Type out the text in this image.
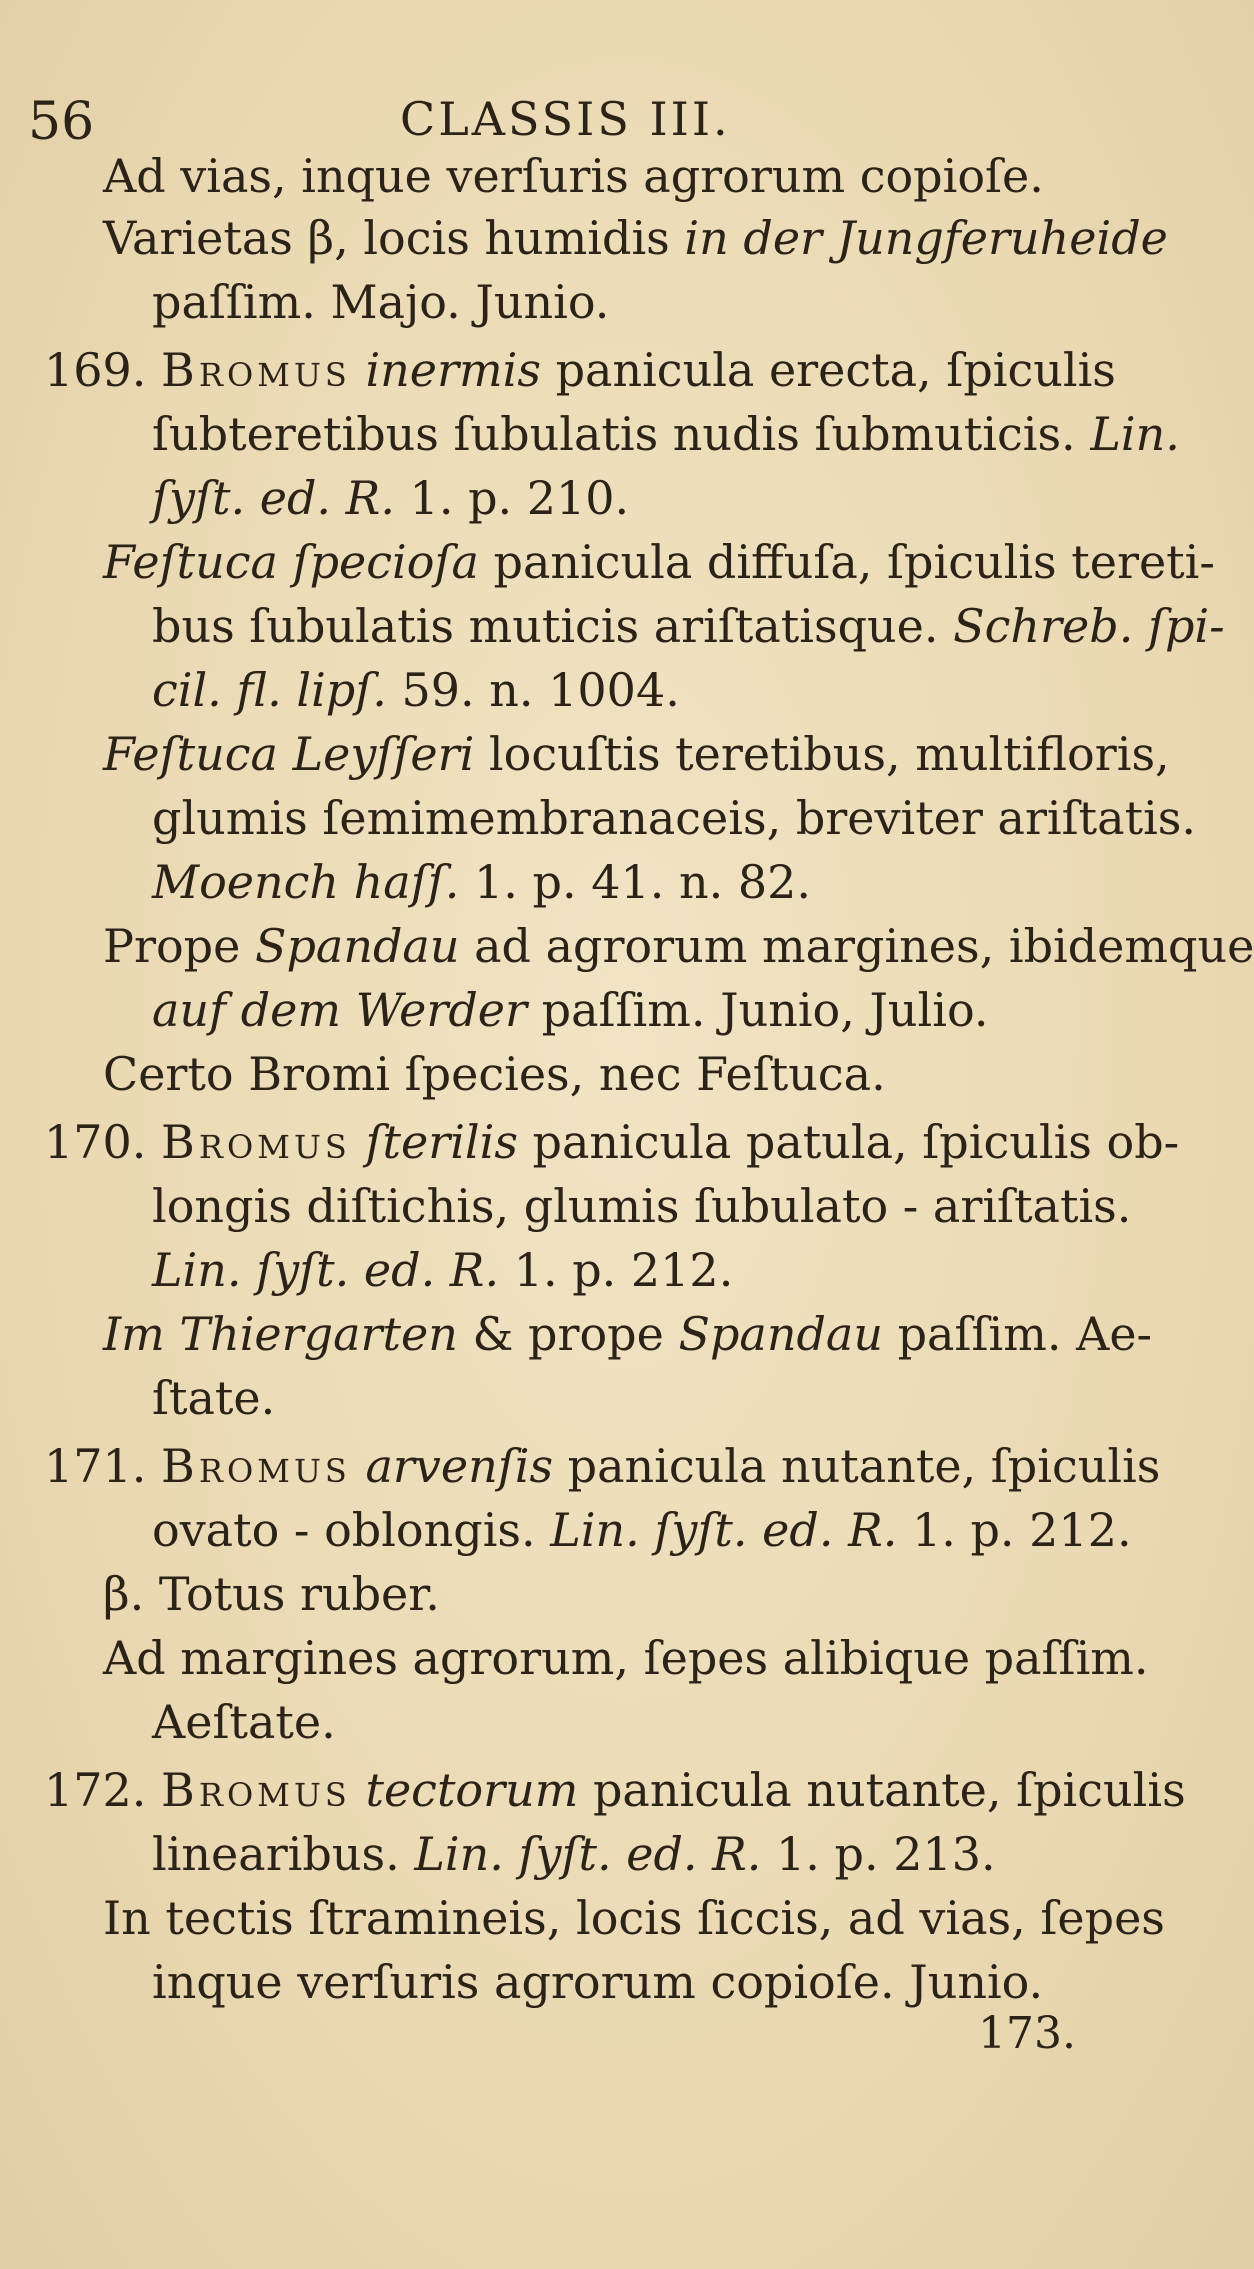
56	CLASSIS III.
Ad vias, inque verſuris agrorum copioſe.
Varietas β, locis humidis in der Jungferuheide
paſſim. Majo. Junio.
169. Bromus inermis panicula erecta, ſpiculis
ſubteretibus ſubulatis nudis ſubmuticis. Lin.
ſyſt. ed. R. 1. p. 210.
Feſtuca ſpecioſa panicula diffuſa, ſpiculis tereti-
bus ſubulatis muticis ariſtatisque. Schreb. ſpi-
cil. fl. lipſ. 59. n. 1004.
Feſtuca Leyſſeri locuſtis teretibus, multifloris,
glumis ſemimembranaceis, breviter ariſtatis.
Moench haſſ. 1. p. 41. n. 82.
Prope Spandau ad agrorum margines, ibidemque
auf dem Werder paſſim. Junio, Julio.
Certo Bromi ſpecies, nec Feſtuca.
170. Bromus ſterilis panicula patula, ſpiculis ob-
longis diſtichis, glumis ſubulato - ariſtatis.
Lin. ſyſt. ed. R. 1. p. 212.
Im Thiergarten & prope Spandau paſſim. Ae-
ſtate.
171. Bromus arvenſis panicula nutante, ſpiculis
ovato - oblongis. Lin. ſyſt. ed. R. 1. p. 212.
β. Totus ruber.
Ad margines agrorum, ſepes alibique paſſim.
Aeſtate.
172. Bromus tectorum panicula nutante, ſpiculis
linearibus. Lin. ſyſt. ed. R. 1. p. 213.
In tectis ſtramineis, locis ſiccis, ad vias, ſepes
inque verſuris agrorum copioſe. Junio.
173.
